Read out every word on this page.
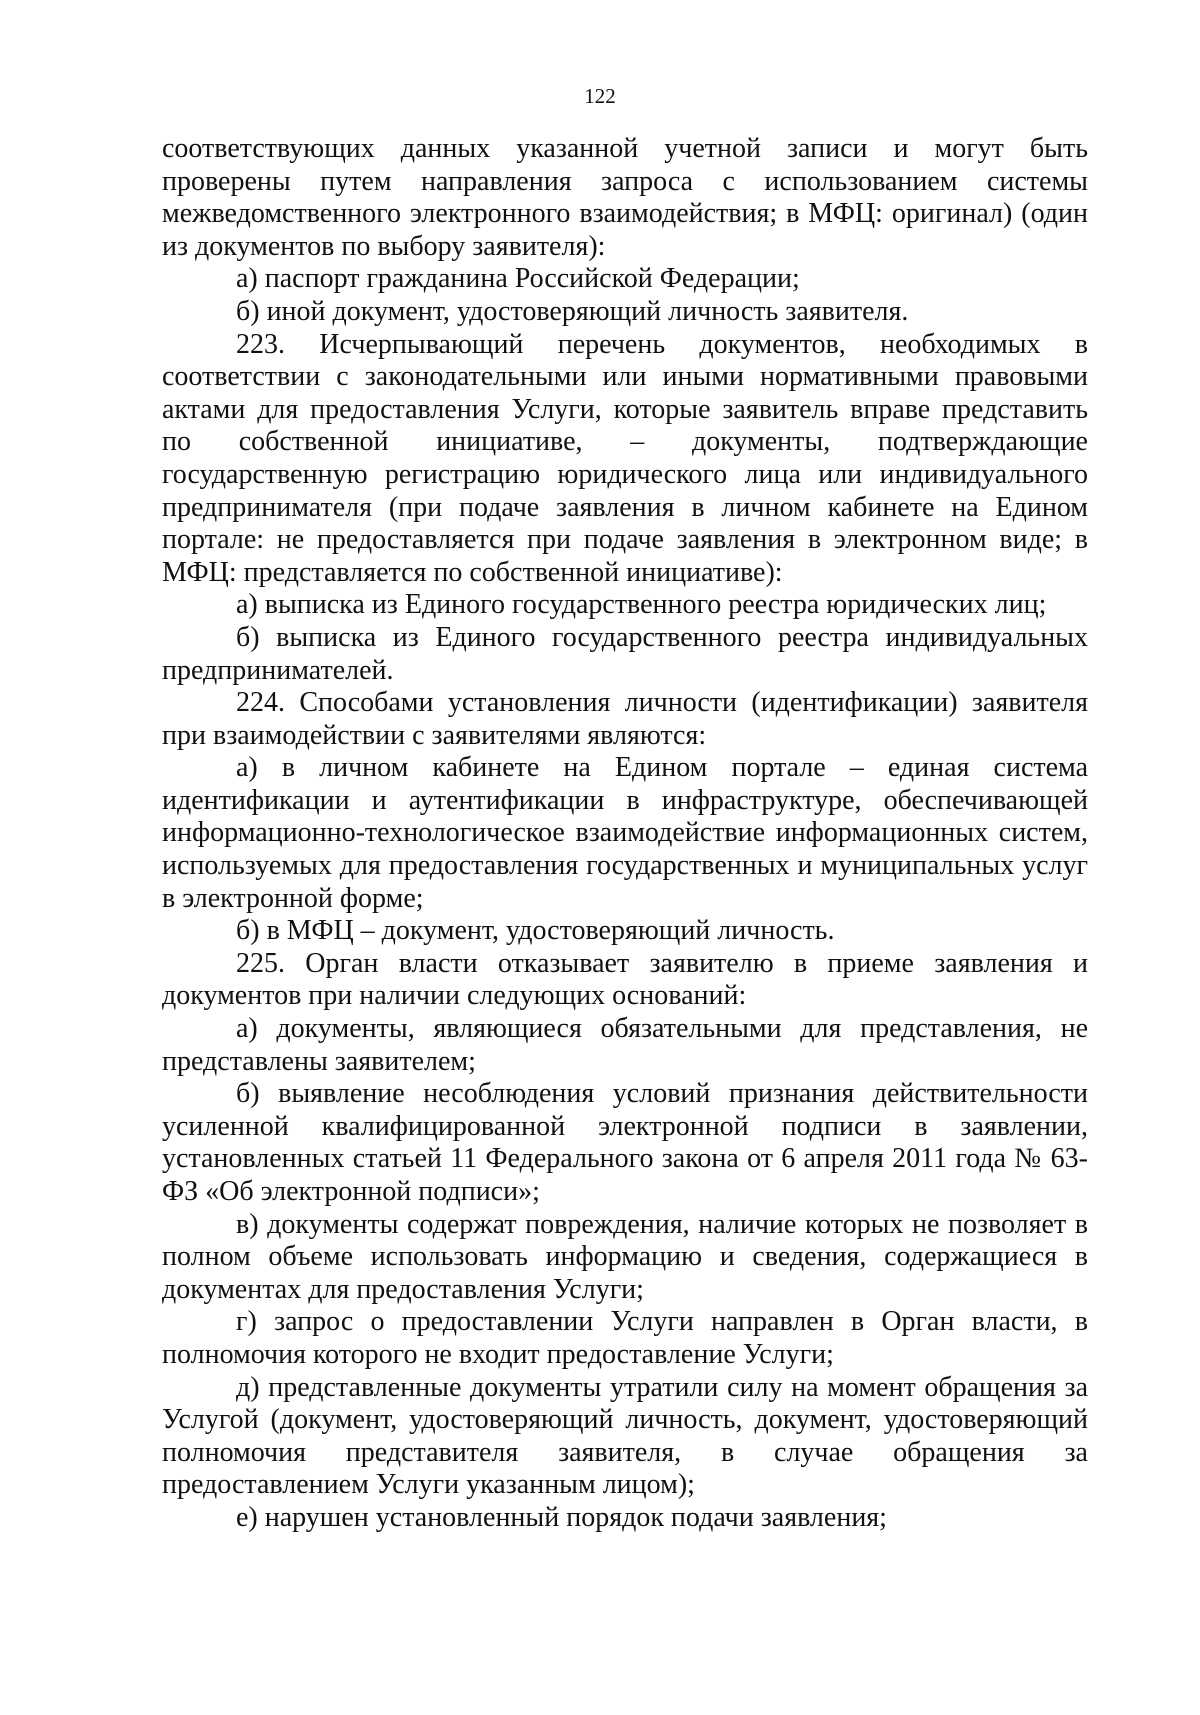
122

соответствующих данных указанной учетной записи и могут быть проверены путем направления запроса с использованием системы межведомственного электронного взаимодействия; в МФЦ: оригинал) (один из документов по выбору заявителя):

а) паспорт гражданина Российской Федерации;

б) иной документ, удостоверяющий личность заявителя.

223. Исчерпывающий перечень документов, необходимых в соответствии с законодательными или иными нормативными правовыми актами для предоставления Услуги, которые заявитель вправе представить по собственной инициативе, – документы, подтверждающие государственную регистрацию юридического лица или индивидуального предпринимателя (при подаче заявления в личном кабинете на Едином портале: не предоставляется при подаче заявления в электронном виде; в МФЦ: представляется по собственной инициативе):

а) выписка из Единого государственного реестра юридических лиц;

б) выписка из Единого государственного реестра индивидуальных предпринимателей.

224. Способами установления личности (идентификации) заявителя при взаимодействии с заявителями являются:

а) в личном кабинете на Едином портале – единая система идентификации и аутентификации в инфраструктуре, обеспечивающей информационно-технологическое взаимодействие информационных систем, используемых для предоставления государственных и муниципальных услуг в электронной форме;

б) в МФЦ – документ, удостоверяющий личность.

225. Орган власти отказывает заявителю в приеме заявления и документов при наличии следующих оснований:

а) документы, являющиеся обязательными для представления, не представлены заявителем;

б) выявление несоблюдения условий признания действительности усиленной квалифицированной электронной подписи в заявлении, установленных статьей 11 Федерального закона от 6 апреля 2011 года № 63-ФЗ «Об электронной подписи»;

в) документы содержат повреждения, наличие которых не позволяет в полном объеме использовать информацию и сведения, содержащиеся в документах для предоставления Услуги;

г) запрос о предоставлении Услуги направлен в Орган власти, в полномочия которого не входит предоставление Услуги;

д) представленные документы утратили силу на момент обращения за Услугой (документ, удостоверяющий личность, документ, удостоверяющий полномочия представителя заявителя, в случае обращения за предоставлением Услуги указанным лицом);

е) нарушен установленный порядок подачи заявления;
